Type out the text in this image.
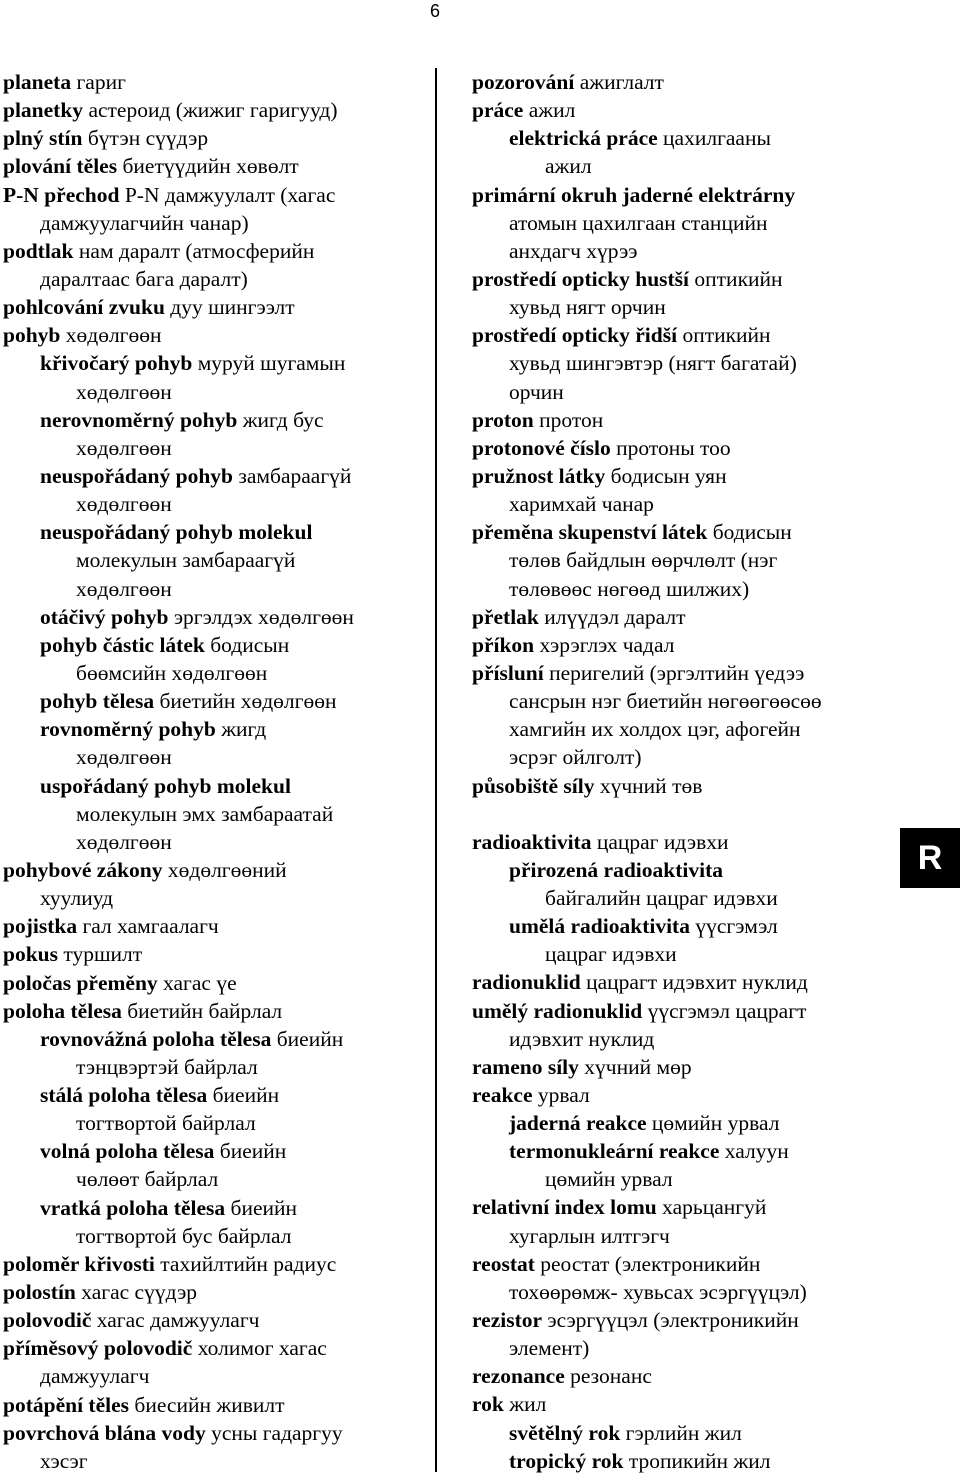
6
planeta гариг
planetky астероид (жижиг гаригууд)
plný stín бүтэн сүүдэр
plování těles биетүүдийн хөвөлт
P-N přechod P-N дамжуулалт (хагас
дамжуулагчийн чанар)
podtlak нам даралт (атмосферийн
даралтаас бага даралт)
pohlcování zvuku дуу шингээлт
pohyb хөдөлгөөн
křivočarý pohyb муруй шугамын
хөдөлгөөн
nerovnoměrný pohyb жигд бус
хөдөлгөөн
neuspořádaný pohyb замбараагүй
хөдөлгөөн
neuspořádaný pohyb molekul
молекулын замбараагүй
хөдөлгөөн
otáčivý pohyb эргэлдэх хөдөлгөөн
pohyb částic látek бодисын
бөөмсийн хөдөлгөөн
pohyb tělesa биетийн хөдөлгөөн
rovnoměrný pohyb жигд
хөдөлгөөн
uspořádaný pohyb molekul
молекулын эмх замбараатай
хөдөлгөөн
pohybové zákony хөдөлгөөний
хуулиуд
pojistka гал хамгаалагч
pokus туршилт
poločas přeměny хагас үе
poloha tělesa биетийн байрлал
rovnovážná poloha tělesa биеийн
тэнцвэртэй байрлал
stálá poloha tělesa биеийн
тогтвортой байрлал
volná poloha tělesa биеийн
чөлөөт байрлал
vratká poloha tělesa биеийн
тогтвортой бус байрлал
poloměr křivosti тахийлтийн радиус
polostín хагас сүүдэр
polovodič хагас дамжуулагч
příměsový polovodič холимог хагас
дамжуулагч
potápění těles биесийн живилт
povrchová blána vody усны гадаргуу
хэсэг
pozorování ажиглалт
práce ажил
elektrická práce цахилгааны
ажил
primární okruh jaderné elektrárny
атомын цахилгаан станцийн
анхдагч хүрээ
prostředí opticky hustší оптикийн
хувьд нягт орчин
prostředí opticky řidší оптикийн
хувьд шингэвтэр (нягт багатай)
орчин
proton протон
protonové číslo протоны тоо
pružnost látky бодисын уян
харимхай чанар
přeměna skupenství látek бодисын
төлөв байдлын өөрчлөлт (нэг
төлөвөөс нөгөөд шилжих)
přetlak илүүдэл даралт
příkon хэрэглэх чадал
přísluní перигелий (эргэлтийн үедээ
сансрын нэг биетийн нөгөөгөөсөө
хамгийн их холдох цэг, афогейн
эсрэг ойлголт)
působiště síly хүчний төв
radioaktivita цацраг идэвхи
přirozená radioaktivita
байгалийн цацраг идэвхи
umělá radioaktivita үүсгэмэл
цацраг идэвхи
radionuklid цацрагт идэвхит нуклид
umělý radionuklid үүсгэмэл цацрагт
идэвхит нуклид
rameno síly хүчний мөр
reakce урвал
jaderná reakce цөмийн урвал
termonukleární reakce халуун
цөмийн урвал
relativní index lomu харьцангуй
хугарлын илтгэгч
reostat реостат (электроникийн
тохөөрөмж- хувьсах эсэргүүцэл)
rezistor эсэргүүцэл (электроникийн
элемент)
rezonance резонанс
rok жил
světělný rok гэрлийн жил
tropický rok тропикийн жил
R
